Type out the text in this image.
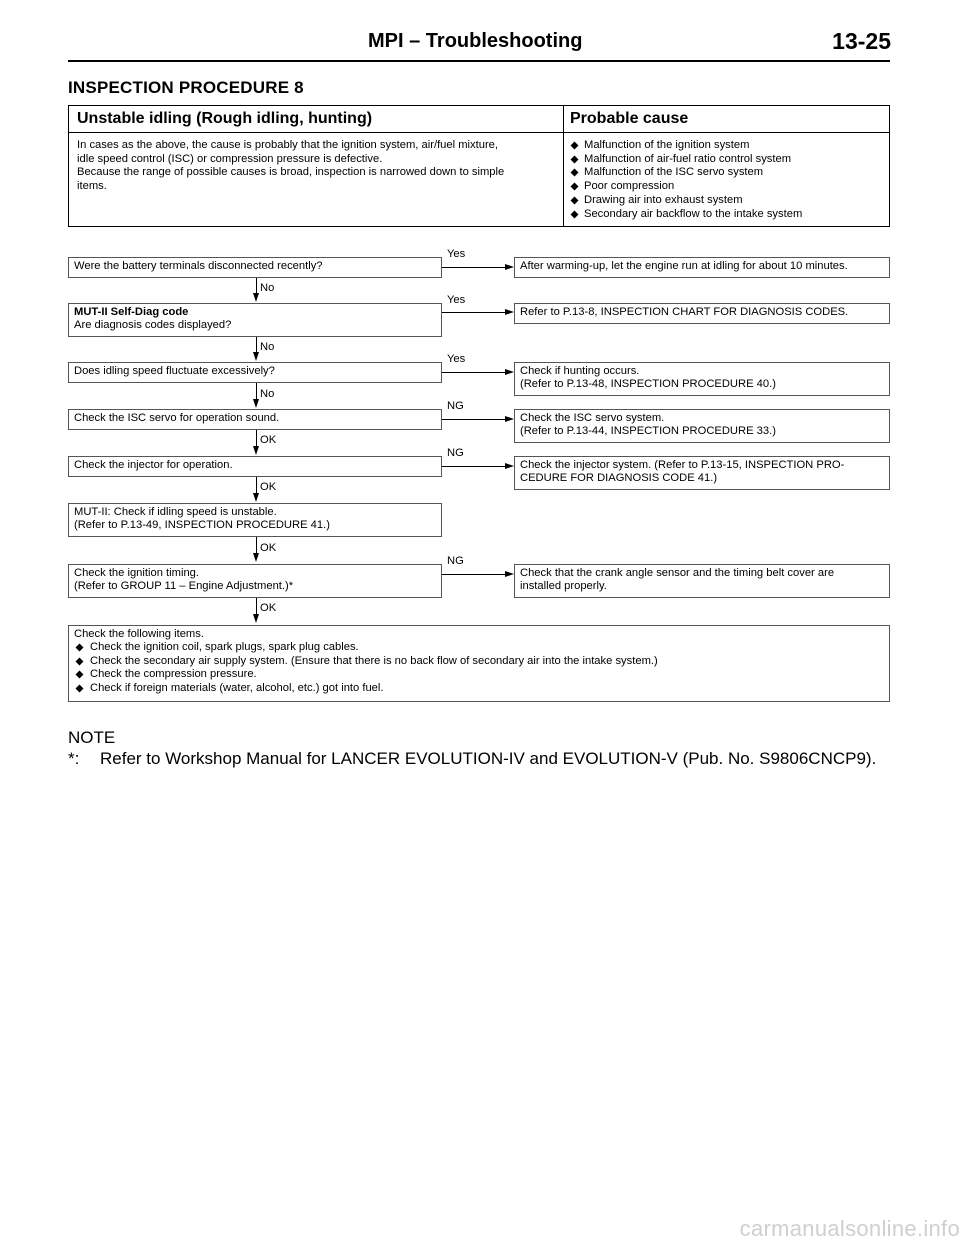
MPI – Troubleshooting	13-25
INSPECTION PROCEDURE 8
Unstable idling (Rough idling, hunting)	Probable cause

In cases as the above, the cause is probably that the ignition system, air/fuel mixture,

idle speed control (ISC) or compression pressure is defective.

Because the range of possible causes is broad, inspection is narrowed down to simple

items.

Malfunction of the ignition system
Malfunction of air-fuel ratio control system
Malfunction of the ISC servo system
Poor compression
Drawing air into exhaust system
Secondary air backflow to the intake system
Were the battery terminals disconnected recently?
Yes
After warming-up, let the engine run at idling for about 10 minutes.
No
MUT-II Self-Diag code
Are diagnosis codes displayed?
Yes
Refer to P.13-8, INSPECTION CHART FOR DIAGNOSIS CODES.
No
Does idling speed fluctuate excessively?
Yes
Check if hunting occurs.
(Refer to P.13-48, INSPECTION PROCEDURE 40.)
No
Check the ISC servo for operation sound.
NG
Check the ISC servo system.
(Refer to P.13-44, INSPECTION PROCEDURE 33.)
OK
Check the injector for operation.
NG
Check the injector system. (Refer to P.13-15, INSPECTION PRO-
CEDURE FOR DIAGNOSIS CODE 41.)
OK
MUT-II: Check if idling speed is unstable.
(Refer to P.13-49, INSPECTION PROCEDURE 41.)
OK
Check the ignition timing.
(Refer to GROUP 11 – Engine Adjustment.)*
NG
Check that the crank angle sensor and the timing belt cover are
installed properly.
OK
Check the following items.
Check the ignition coil, spark plugs, spark plug cables.
Check the secondary air supply system. (Ensure that there is no back flow of secondary air into the intake system.)
Check the compression pressure.
Check if foreign materials (water, alcohol, etc.) got into fuel.
NOTE
*: Refer to Workshop Manual for LANCER EVOLUTION-IV and EVOLUTION-V (Pub. No. S9806CNCP9).
carmanualsonline.info
